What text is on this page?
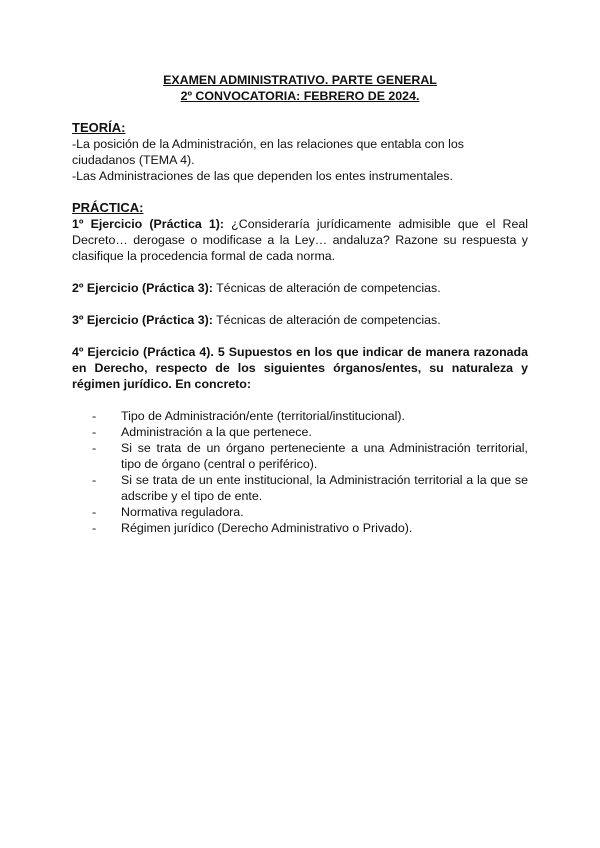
EXAMEN ADMINISTRATIVO. PARTE GENERAL
2º CONVOCATORIA: FEBRERO DE 2024.
TEORÍA:

-La posición de la Administración, en las relaciones que entabla con los ciudadanos (TEMA 4).

-Las Administraciones de las que dependen los entes instrumentales.

PRÁCTICA:

1º Ejercicio (Práctica 1): ¿Consideraría jurídicamente admisible que el Real Decreto… derogase o modificase a la Ley… andaluza? Razone su respuesta y clasifique la procedencia formal de cada norma.

2º Ejercicio (Práctica 3): Técnicas de alteración de competencias.

3º Ejercicio (Práctica 3): Técnicas de alteración de competencias.

4º Ejercicio (Práctica 4). 5 Supuestos en los que indicar de manera razonada en Derecho, respecto de los siguientes órganos/entes, su naturaleza y régimen jurídico. En concreto:

- Tipo de Administración/ente (territorial/institucional).
- Administración a la que pertenece.
- Si se trata de un órgano perteneciente a una Administración territorial, tipo de órgano (central o periférico).
- Si se trata de un ente institucional, la Administración territorial a la que se adscribe y el tipo de ente.
- Normativa reguladora.
- Régimen jurídico (Derecho Administrativo o Privado).
